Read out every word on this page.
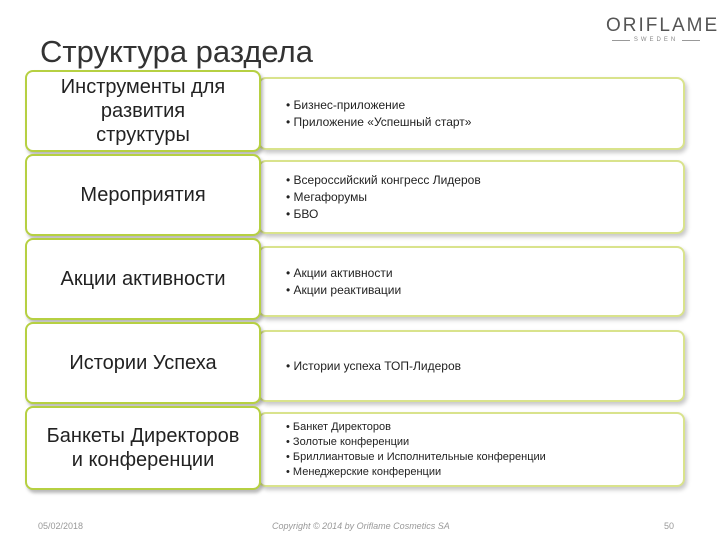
ORIFLAME
SWEDEN
Структура раздела
Инструменты для
развития
структуры
• Бизнес-приложение
• Приложение «Успешный старт»
Мероприятия
• Всероссийский конгресс Лидеров
• Мегафорумы
• БВО
Акции активности	• Акции активности
• Акции реактивации
Истории Успеха	• Истории успеха ТОП-Лидеров
Банкеты Директоров
и конференции
• Банкет Директоров
• Золотые конференции
• Бриллиантовые и Исполнительные конференции
• Менеджерские конференции
05/02/2018	Copyright © 2014 by Oriflame Cosmetics SA	50
